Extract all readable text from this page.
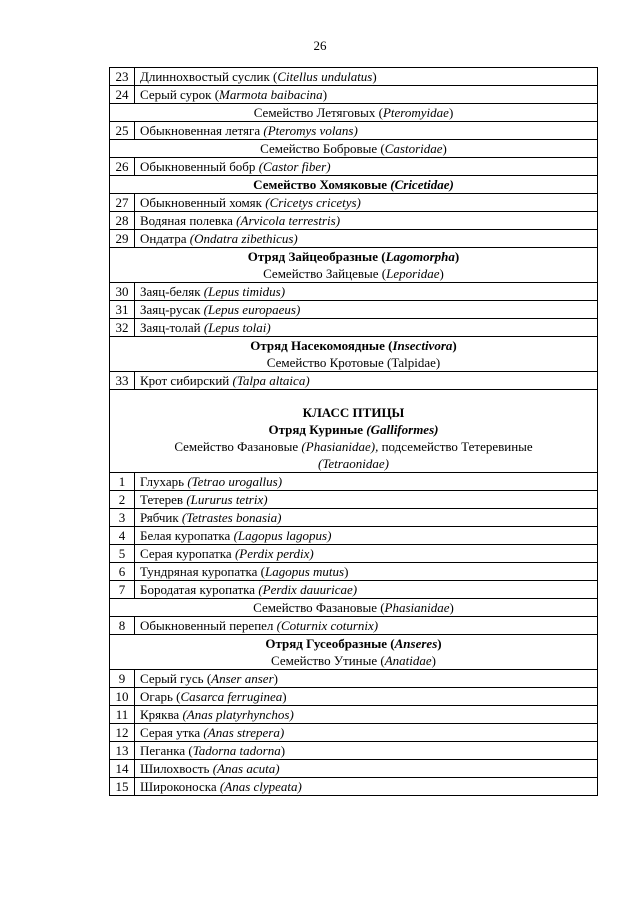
26
23	Длиннохвостый суслик (Citellus undulatus)
24	Серый сурок (Marmota baibacina)
Семейство Летяговых (Pteromyidae)	
25	Обыкновенная летяга (Pteromys volans)
Семейство Бобровые (Castoridae)	
26	Обыкновенный бобр (Castor fiber)
Семейство Хомяковые (Cricetidae)	
27	Обыкновенный хомяк (Cricetys cricetys)
28	Водяная полевка (Arvicola terrestris)
29	Ондатра (Ondatra zibethicus)

Отряд Зайцеобразные (Lagomorpha)
Семейство Зайцевые (Leporidae)	

30	Заяц-беляк (Lepus timidus)
31	Заяц-русак (Lepus europaeus)
32	Заяц-толай (Lepus tolai)

Отряд Насекомоядные (Insectivora)
Семейство Кротовые (Talpidae)	

33	Крот сибирский (Talpa altaica)

КЛАСС ПТИЦЫ
Отряд Куриные (Galliformes)
Семейство Фазановые (Phasianidae), подсемейство Тетеревиные
(Tetraonidae)	

1	Глухарь (Tetrao urogallus)
2	Тетерев (Lururus tetrix)
3	Рябчик (Tetrastes bonasia)
4	Белая куропатка (Lagopus lagopus)
5	Серая куропатка (Perdix perdix)
6	Тундряная куропатка (Lagopus mutus)
7	Бородатая куропатка (Perdix dauuricae)
Семейство Фазановые (Phasianidae)	
8	Обыкновенный перепел (Coturnix coturnix)

Отряд Гусеобразные (Anseres)
Семейство Утиные (Anatidae)	

9	Серый гусь (Anser anser)
10	Огарь (Casarca ferruginea)
11	Кряква (Anas platyrhynchos)
12	Серая утка (Anas strepera)
13	Пеганка (Tadorna tadorna)
14	Шилохвость (Anas acuta)
15	Широконоска (Anas clypeata)
